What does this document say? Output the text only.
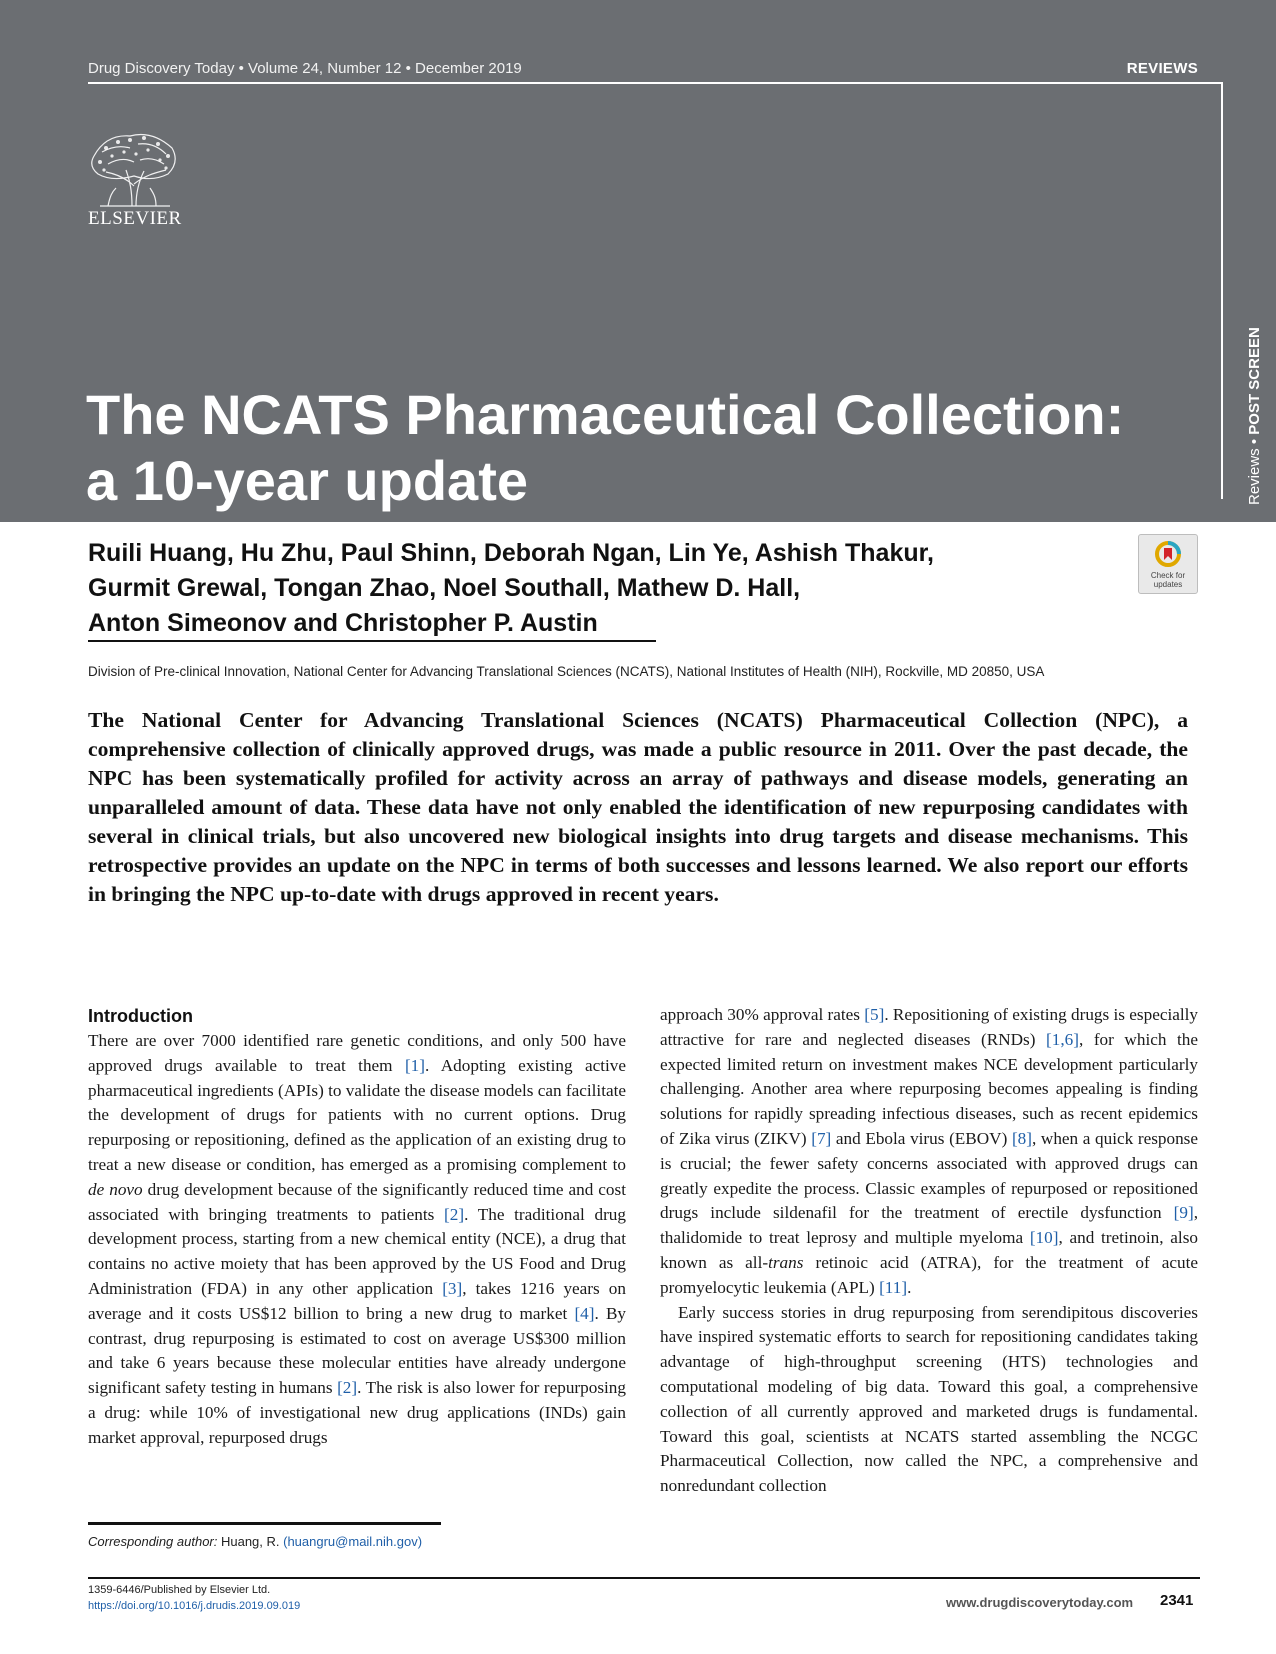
Drug Discovery Today • Volume 24, Number 12 • December 2019	REVIEWS
Reviews • POST SCREEN
ELSEVIER
The NCATS Pharmaceutical Collection:
a 10-year update

Ruili Huang, Hu Zhu, Paul Shinn, Deborah Ngan, Lin Ye, Ashish Thakur,
Gurmit Grewal, Tongan Zhao, Noel Southall, Mathew D. Hall,
Anton Simeonov and Christopher P. Austin

Check for
updates
Division of Pre-clinical Innovation, National Center for Advancing Translational Sciences (NCATS), National Institutes of Health (NIH), Rockville, MD 20850, USA

The National Center for Advancing Translational Sciences (NCATS) Pharmaceutical Collection (NPC), a comprehensive collection of clinically approved drugs, was made a public resource in 2011. Over the past decade, the NPC has been systematically profiled for activity across an array of pathways and disease models, generating an unparalleled amount of data. These data have not only enabled the identification of new repurposing candidates with several in clinical trials, but also uncovered new biological insights into drug targets and disease mechanisms. This retrospective provides an update on the NPC in terms of both successes and lessons learned. We also report our efforts in bringing the NPC up-to-date with drugs approved in recent years.

Introduction

There are over 7000 identified rare genetic conditions, and only 500 have approved drugs available to treat them [1]. Adopting existing active pharmaceutical ingredients (APIs) to validate the disease models can facilitate the development of drugs for patients with no current options. Drug repurposing or repositioning, defined as the application of an existing drug to treat a new disease or condition, has emerged as a promising complement to de novo drug development because of the significantly reduced time and cost associated with bringing treatments to patients [2]. The traditional drug development process, starting from a new chemical entity (NCE), a drug that contains no active moiety that has been approved by the US Food and Drug Administration (FDA) in any other application [3], takes 1216 years on average and it costs US$12 billion to bring a new drug to market [4]. By contrast, drug repurposing is estimated to cost on average US$300 million and take 6 years because these molecular entities have already undergone significant safety testing in humans [2]. The risk is also lower for repurposing a drug: while 10% of investigational new drug applications (INDs) gain market approval, repurposed drugs

approach 30% approval rates [5]. Repositioning of existing drugs is especially attractive for rare and neglected diseases (RNDs) [1,6], for which the expected limited return on investment makes NCE development particularly challenging. Another area where repurposing becomes appealing is finding solutions for rapidly spreading infectious diseases, such as recent epidemics of Zika virus (ZIKV) [7] and Ebola virus (EBOV) [8], when a quick response is crucial; the fewer safety concerns associated with approved drugs can greatly expedite the process. Classic examples of repurposed or repositioned drugs include sildenafil for the treatment of erectile dysfunction [9], thalidomide to treat leprosy and multiple myeloma [10], and tretinoin, also known as all-trans retinoic acid (ATRA), for the treatment of acute promyelocytic leukemia (APL) [11].

Early success stories in drug repurposing from serendipitous discoveries have inspired systematic efforts to search for repositioning candidates taking advantage of high-throughput screening (HTS) technologies and computational modeling of big data. Toward this goal, a comprehensive collection of all currently approved and marketed drugs is fundamental. Toward this goal, scientists at NCATS started assembling the NCGC Pharmaceutical Collection, now called the NPC, a comprehensive and nonredundant collection

Corresponding author: Huang, R. (huangru@mail.nih.gov)
1359-6446/Published by Elsevier Ltd.
https://doi.org/10.1016/j.drudis.2019.09.019	www.drugdiscoverytoday.com 2341
